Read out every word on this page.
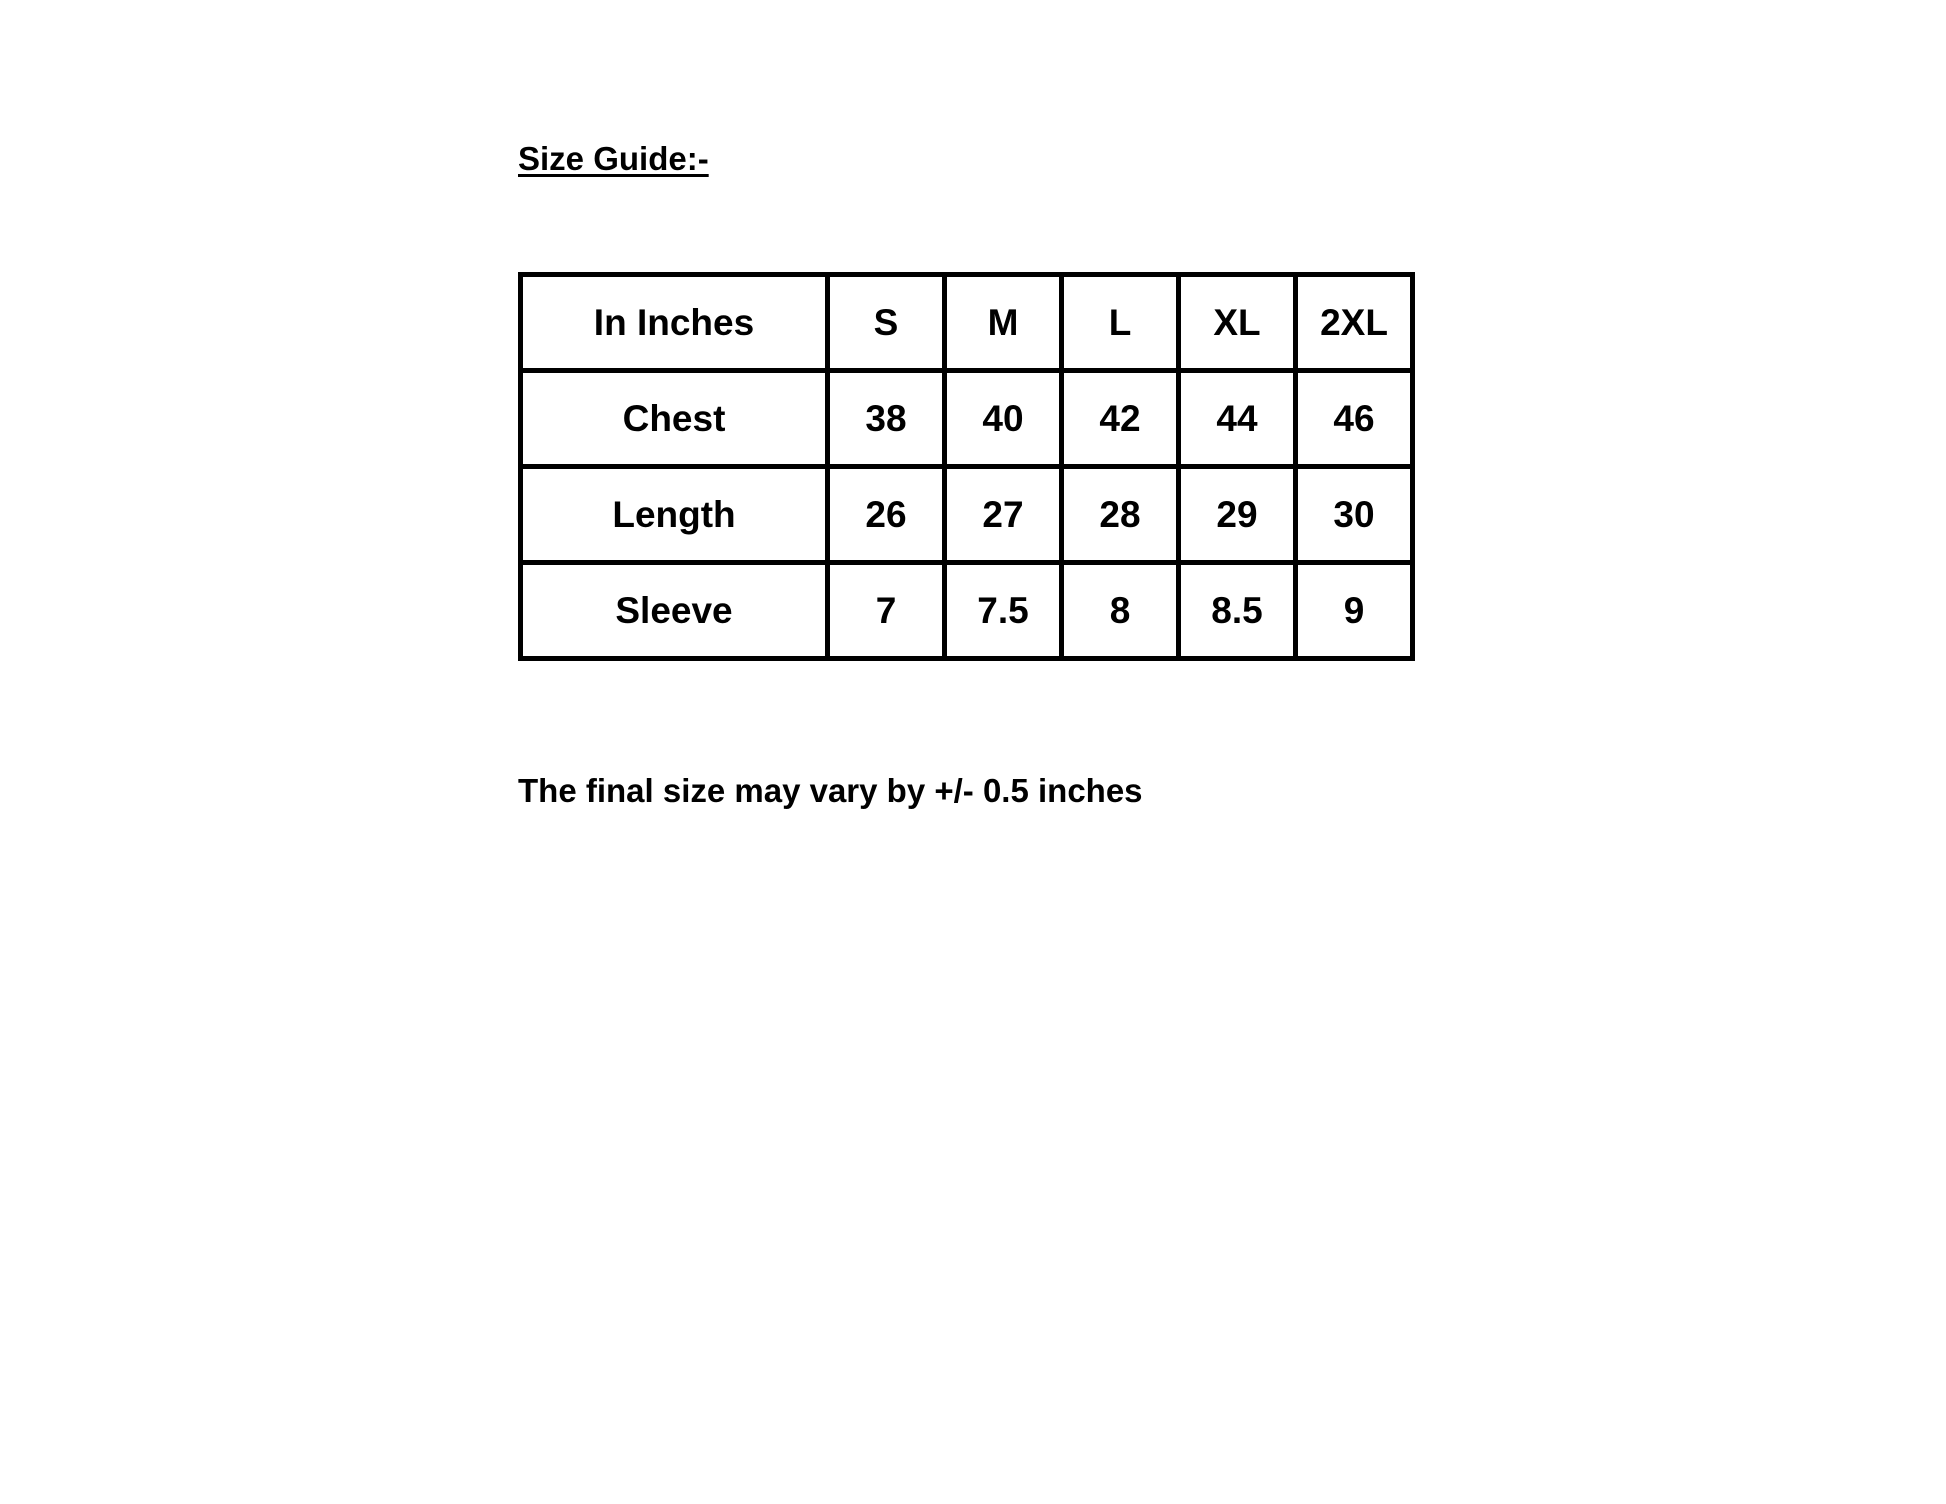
Size Guide:-
In Inches	S	M	L	XL	2XL
Chest	38	40	42	44	46
Length	26	27	28	29	30
Sleeve	7	7.5	8	8.5	9
The final size may vary by +/- 0.5 inches
